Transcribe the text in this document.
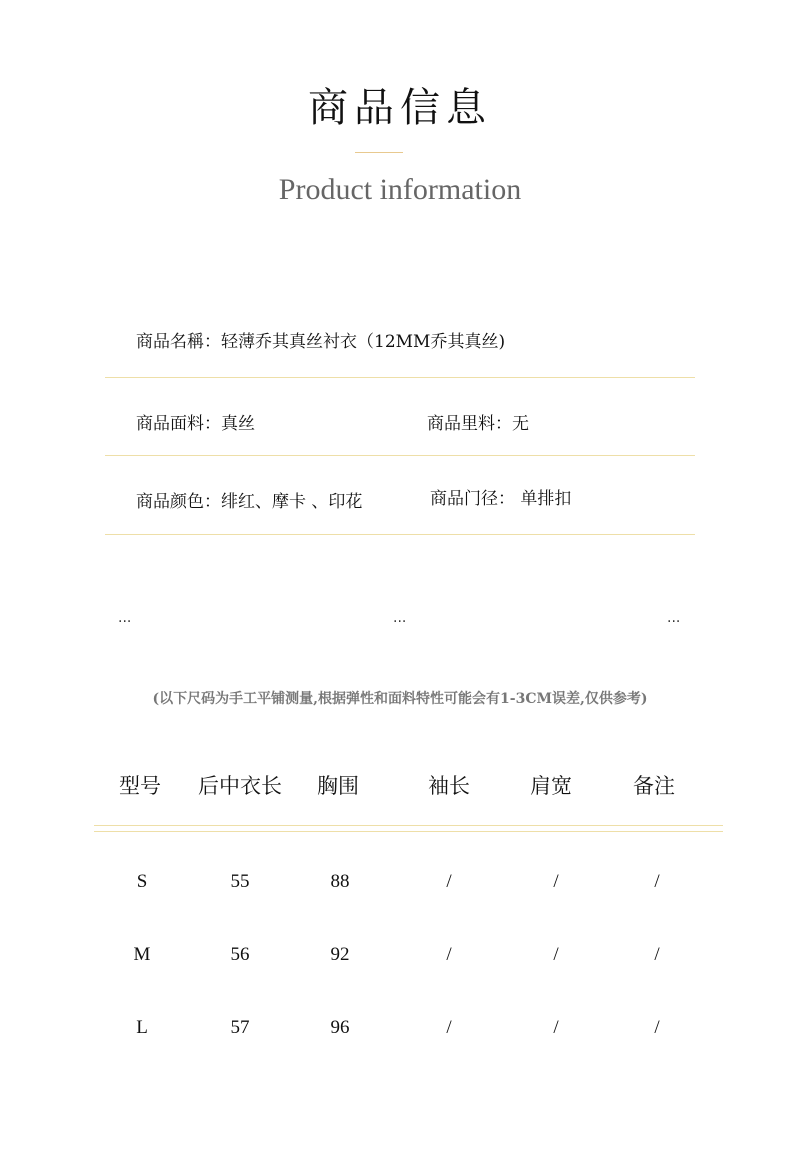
商品信息
Product information
商品名稱：轻薄乔其真丝衬衣（12MM乔其真丝)
商品面料：真丝	商品里料：无
商品颜色：绯红、摩卡 、印花	商品门径： 单排扣
...	...	...
(以下尺码为手工平铺测量,根据弹性和面料特性可能会有1-3CM误差,仅供参考)
型号	后中衣长	胸围	袖长	肩宽	备注
S	55	88	/	/	/
M	56	92	/	/	/
L	57	96	/	/	/
